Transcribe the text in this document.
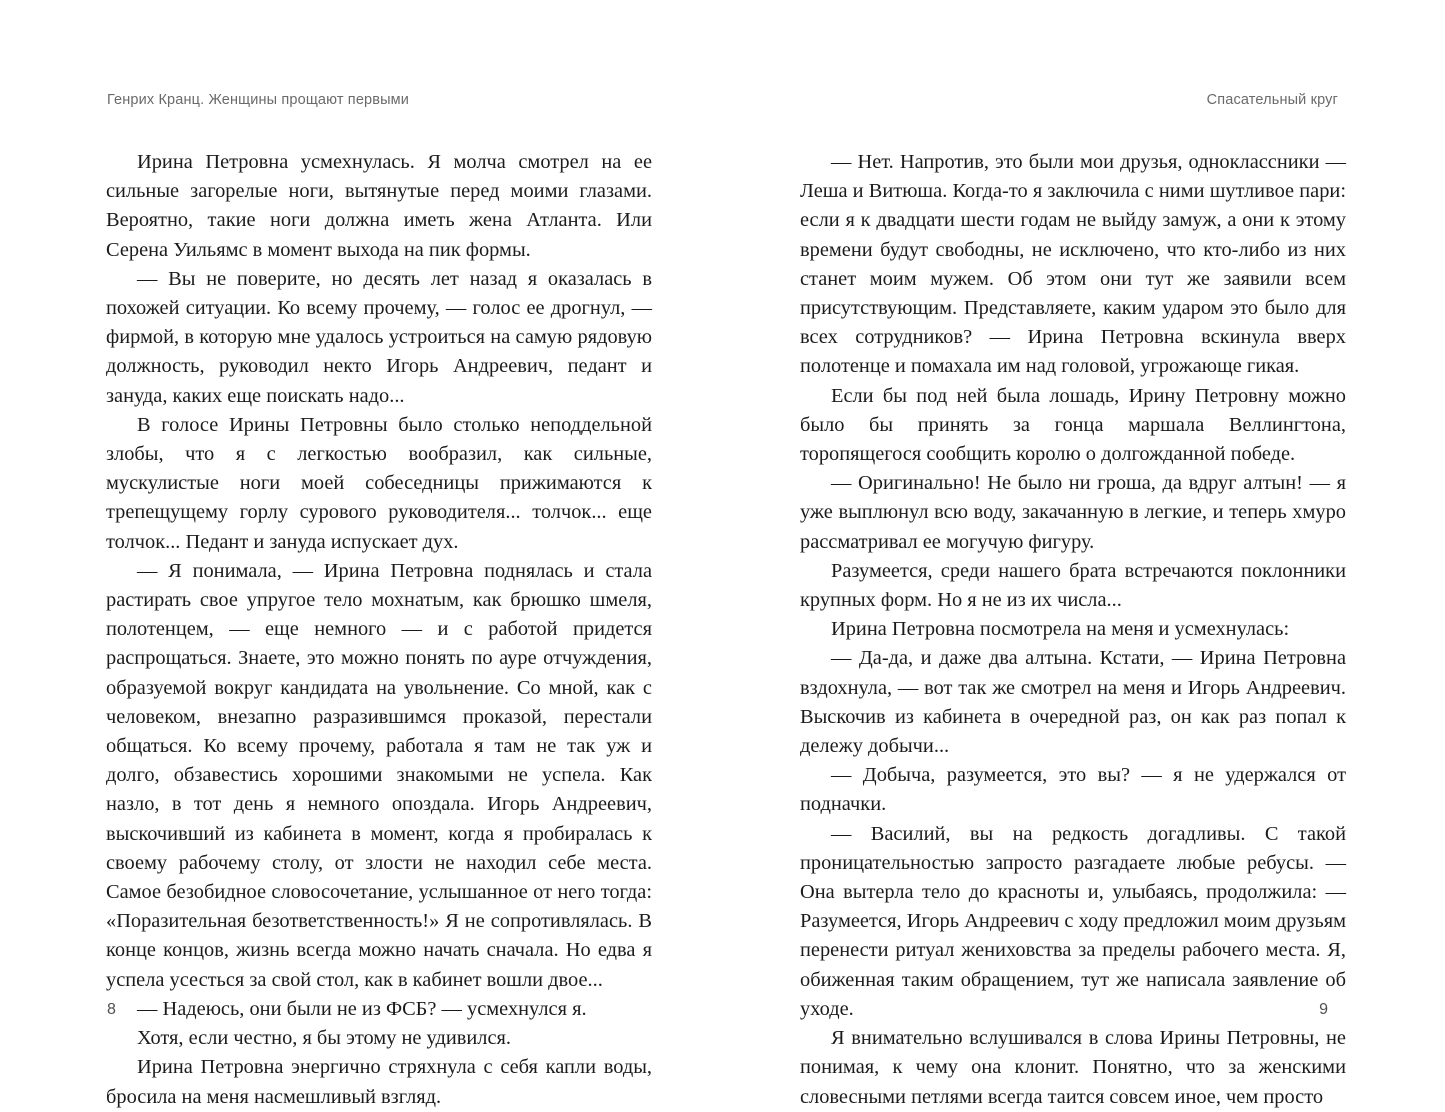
Генрих Кранц. Женщины прощают первыми

Ирина Петровна усмехнулась. Я молча смотрел на ее сильные загорелые ноги, вытянутые перед моими глазами. Вероятно, такие ноги должна иметь жена Атланта. Или Серена Уильямс в момент выхода на пик формы.

— Вы не поверите, но десять лет назад я оказалась в похожей ситуации. Ко всему прочему, — голос ее дрогнул, — фирмой, в которую мне удалось устроиться на самую рядовую должность, руководил некто Игорь Андреевич, педант и зануда, каких еще поискать надо...

В голосе Ирины Петровны было столько неподдельной злобы, что я с легкостью вообразил, как сильные, мускулистые ноги моей собеседницы прижимаются к трепещущему горлу сурового руководителя... толчок... еще толчок... Педант и зануда испускает дух.

— Я понимала, — Ирина Петровна поднялась и стала растирать свое упругое тело мохнатым, как брюшко шмеля, полотенцем, — еще немного — и с работой придется распрощаться. Знаете, это можно понять по ауре отчуждения, образуемой вокруг кандидата на увольнение. Со мной, как с человеком, внезапно разразившимся проказой, перестали общаться. Ко всему прочему, работала я там не так уж и долго, обзавестись хорошими знакомыми не успела. Как назло, в тот день я немного опоздала. Игорь Андреевич, выскочивший из кабинета в момент, когда я пробиралась к своему рабочему столу, от злости не находил себе места. Самое безобидное словосочетание, услышанное от него тогда: «Поразительная безответственность!» Я не сопротивлялась. В конце концов, жизнь всегда можно начать сначала. Но едва я успела усесться за свой стол, как в кабинет вошли двое...

— Надеюсь, они были не из ФСБ? — усмехнулся я.

Хотя, если честно, я бы этому не удивился.

Ирина Петровна энергично стряхнула с себя капли воды, бросила на меня насмешливый взгляд.

8
Спасательный круг

— Нет. Напротив, это были мои друзья, одноклассники — Леша и Витюша. Когда-то я заключила с ними шутливое пари: если я к двадцати шести годам не выйду замуж, а они к этому времени будут свободны, не исключено, что кто-либо из них станет моим мужем. Об этом они тут же заявили всем присутствующим. Представляете, каким ударом это было для всех сотрудников? — Ирина Петровна вскинула вверх полотенце и помахала им над головой, угрожающе гикая.

Если бы под ней была лошадь, Ирину Петровну можно было бы принять за гонца маршала Веллингтона, торопящегося сообщить королю о долгожданной победе.

— Оригинально! Не было ни гроша, да вдруг алтын! — я уже выплюнул всю воду, закачанную в легкие, и теперь хмуро рассматривал ее могучую фигуру.

Разумеется, среди нашего брата встречаются поклонники крупных форм. Но я не из их числа...

Ирина Петровна посмотрела на меня и усмехнулась:

— Да-да, и даже два алтына. Кстати, — Ирина Петровна вздохнула, — вот так же смотрел на меня и Игорь Андреевич. Выскочив из кабинета в очередной раз, он как раз попал к дележу добычи...

— Добыча, разумеется, это вы? — я не удержался от подначки.

— Василий, вы на редкость догадливы. С такой проницательностью запросто разгадаете любые ребусы. — Она вытерла тело до красноты и, улыбаясь, продолжила: — Разумеется, Игорь Андреевич с ходу предложил моим друзьям перенести ритуал жениховства за пределы рабочего места. Я, обиженная таким обращением, тут же написала заявление об уходе.

Я внимательно вслушивался в слова Ирины Петровны, не понимая, к чему она клонит. Понятно, что за женскими словесными петлями всегда таится совсем иное, чем просто

9
